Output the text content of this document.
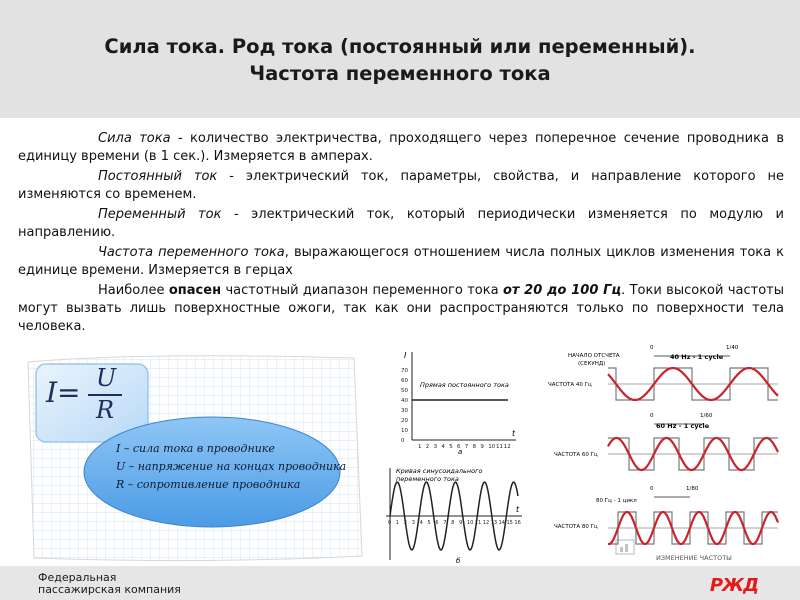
Сила тока. Род тока (постоянный или переменный).
Частота переменного тока

Сила тока - количество электричества, проходящего через поперечное сечение проводника в единицу времени (в 1 сек.). Измеряется в амперах.

Постоянный ток - электрический ток, параметры, свойства, и направление которого не изменяются со временем.

Переменный ток - электрический ток, который периодически изменяется по модулю и направлению.

Частота переменного тока, выражающегося отношением числа полных циклов изменения тока к единице времени. Измеряется в герцах

Наиболее опасен частотный диапазон переменного тока от 20 до 100 Гц. Токи высокой частоты могут вызвать лишь поверхностные ожоги, так как они распространяются только по поверхности тела человека.

I= U
R
I – сила тока в проводнике
U – напряжение на концах проводника
R – сопротивление проводника
I
t
Прямая постоянного тока
70
60
50
40
30
20
10
0
1 2 3 4 5 6 7 8 9 10 11 12
а
Кривая синусоидального
переменного тока
t
0 1 2 3 4 5 6 7 8 9 10 11 12 13 14 15 16
б
НАЧАЛО ОТСЧЕТА
(СЕКУНД)
0	1/40
40 Hz - 1 cycle
ЧАСТОТА 40 Гц
0	1/60
60 Hz - 1 cycle
ЧАСТОТА 60 Гц
0	1/80
80 Гц - 1 цикл
ЧАСТОТА 80 Гц
ИЗМЕНЕНИЕ ЧАСТОТЫ
Федеральная
пассажирская компания	РЖД
